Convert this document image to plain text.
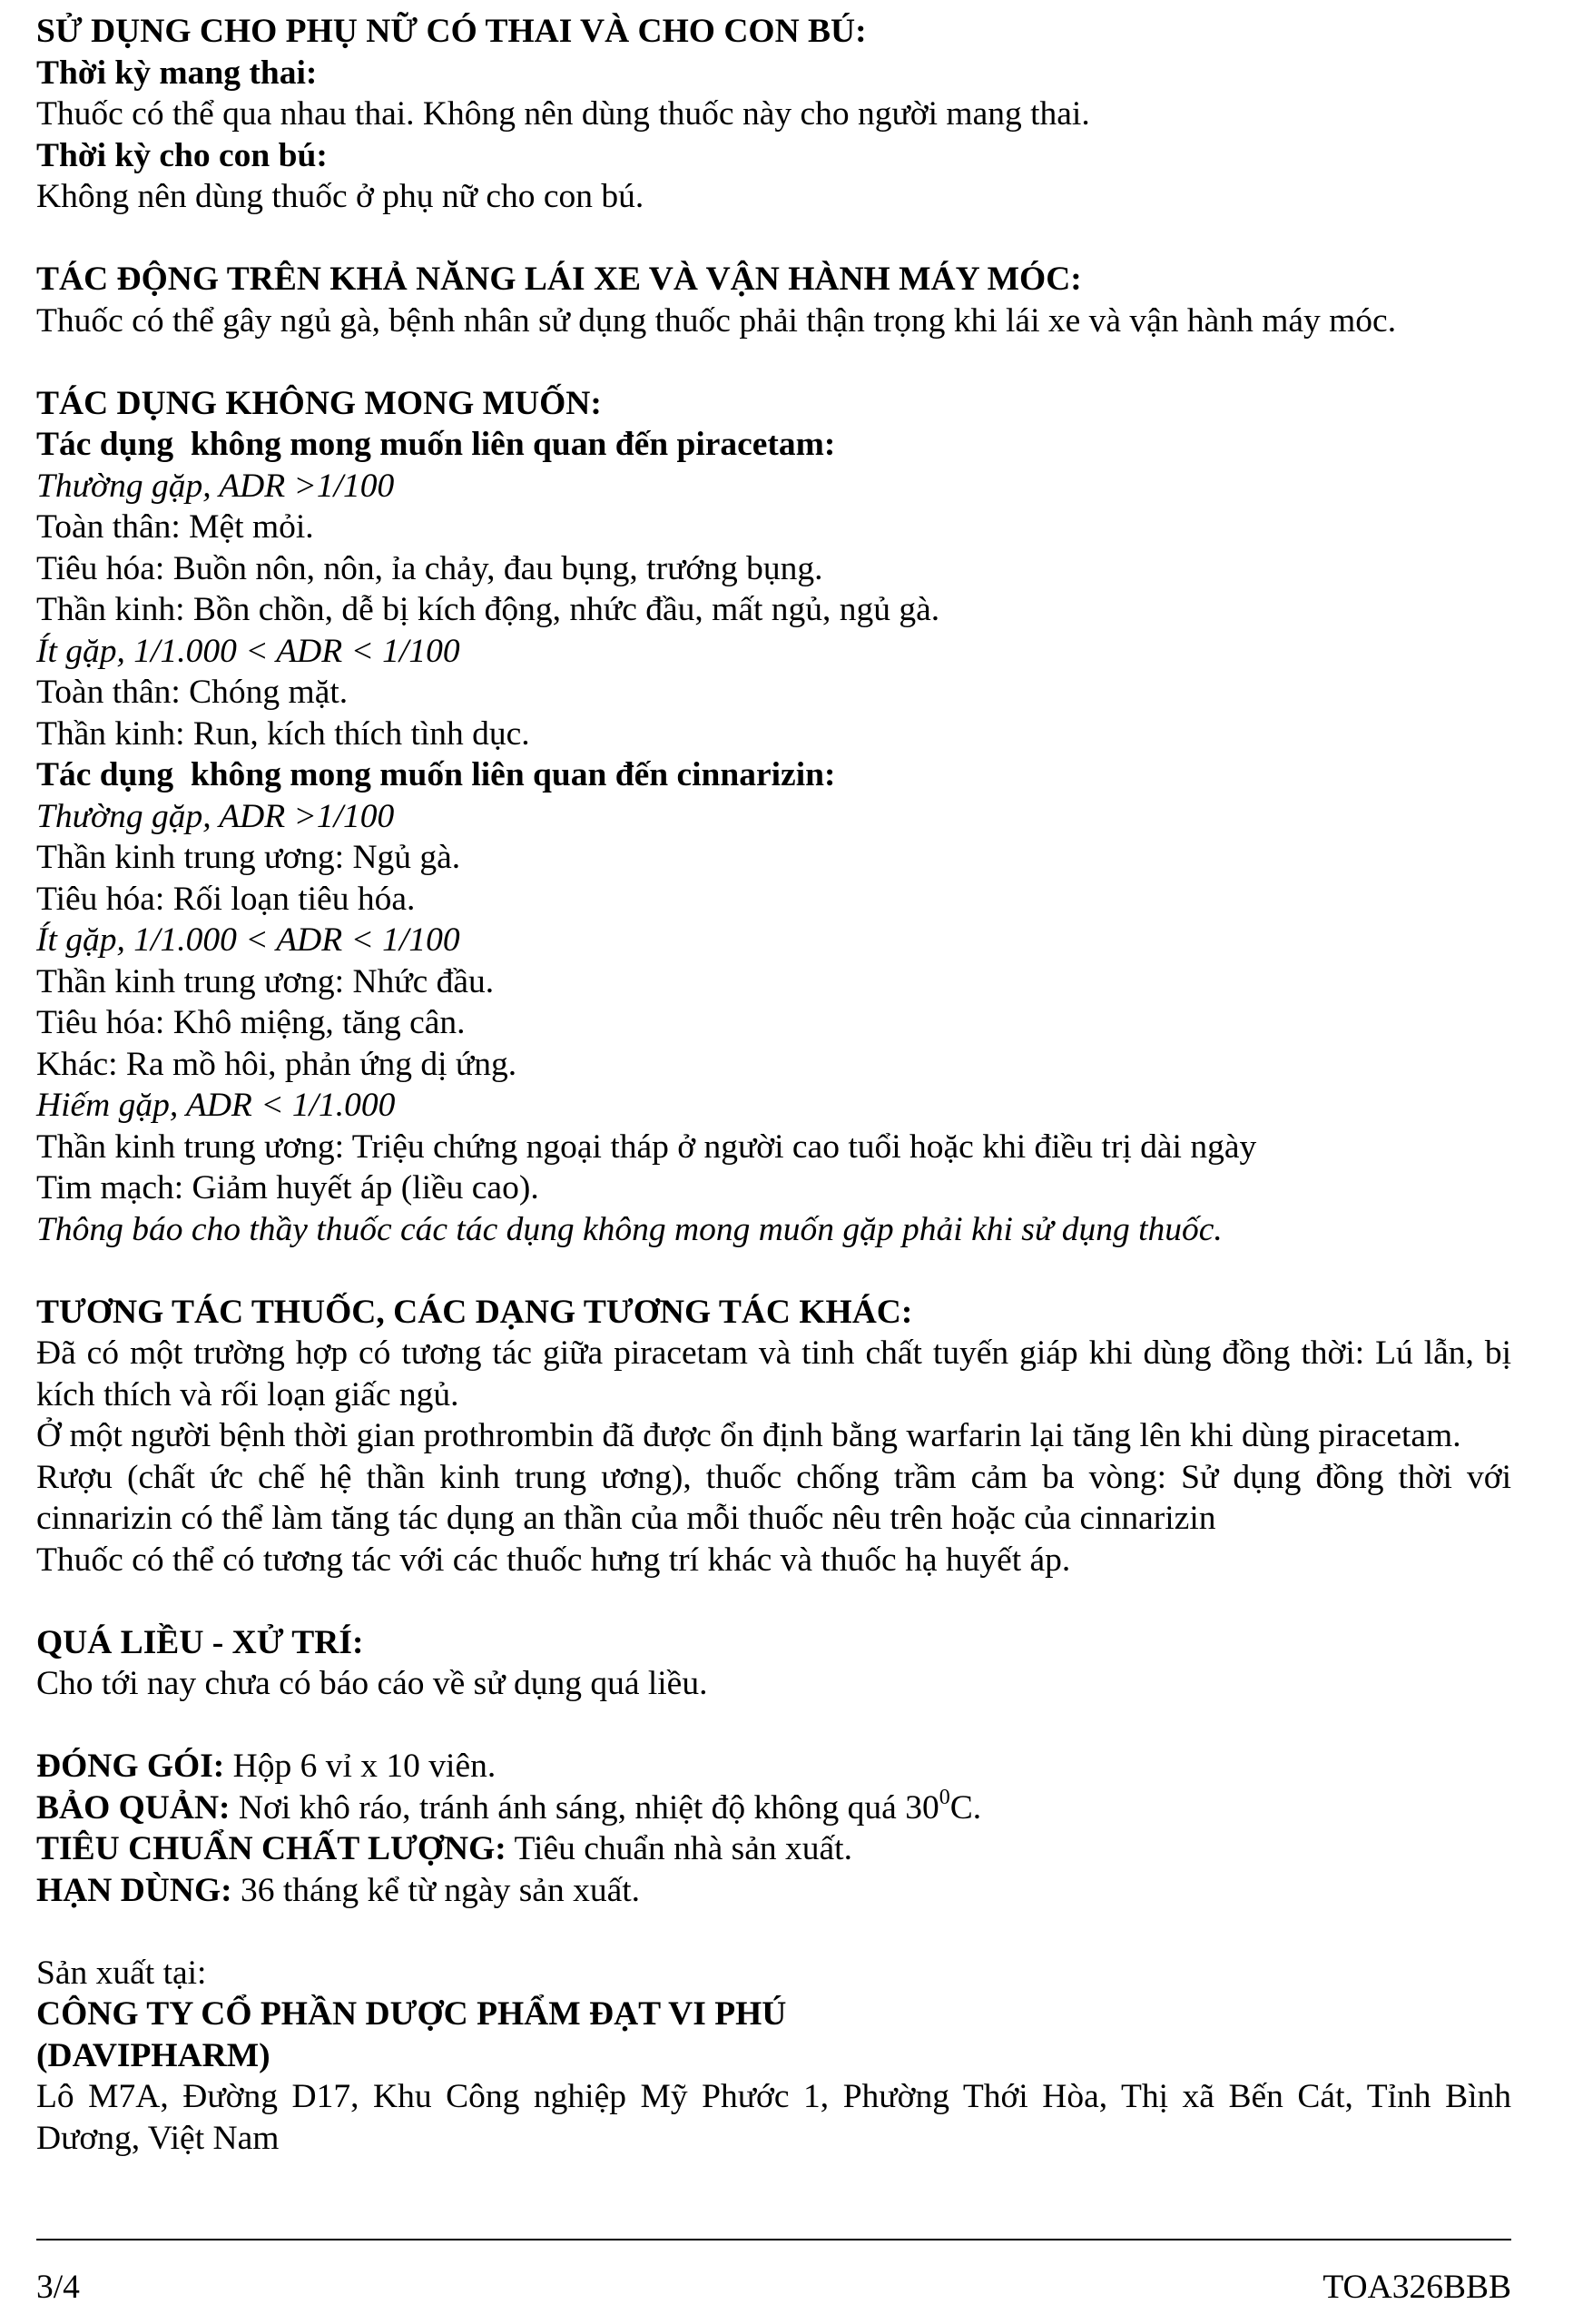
SỬ DỤNG CHO PHỤ NỮ CÓ THAI VÀ CHO CON BÚ:
Thời kỳ mang thai:
Thuốc có thể qua nhau thai. Không nên dùng thuốc này cho người mang thai.
Thời kỳ cho con bú:
Không nên dùng thuốc ở phụ nữ cho con bú.
TÁC ĐỘNG TRÊN KHẢ NĂNG LÁI XE VÀ VẬN HÀNH MÁY MÓC:
Thuốc có thể gây ngủ gà, bệnh nhân sử dụng thuốc phải thận trọng khi lái xe và vận hành máy móc.
TÁC DỤNG KHÔNG MONG MUỐN:
Tác dụng  không mong muốn liên quan đến piracetam:
Thường gặp, ADR >1/100
Toàn thân: Mệt mỏi.
Tiêu hóa: Buồn nôn, nôn, ỉa chảy, đau bụng, trướng bụng.
Thần kinh: Bồn chồn, dễ bị kích động, nhức đầu, mất ngủ, ngủ gà.
Ít gặp, 1/1.000 < ADR < 1/100
Toàn thân: Chóng mặt.
Thần kinh: Run, kích thích tình dục.
Tác dụng  không mong muốn liên quan đến cinnarizin:
Thường gặp, ADR >1/100
Thần kinh trung ương: Ngủ gà.
Tiêu hóa: Rối loạn tiêu hóa.
Ít gặp, 1/1.000 < ADR < 1/100
Thần kinh trung ương: Nhức đầu.
Tiêu hóa: Khô miệng, tăng cân.
Khác: Ra mồ hôi, phản ứng dị ứng.
Hiếm gặp, ADR < 1/1.000
Thần kinh trung ương: Triệu chứng ngoại tháp ở người cao tuổi hoặc khi điều trị dài ngày
Tim mạch: Giảm huyết áp (liều cao).
Thông báo cho thầy thuốc các tác dụng không mong muốn gặp phải khi sử dụng thuốc.
TƯƠNG TÁC THUỐC, CÁC DẠNG TƯƠNG TÁC KHÁC:
Đã có một trường hợp có tương tác giữa piracetam và tinh chất tuyến giáp khi dùng đồng thời: Lú lẫn, bị kích thích và rối loạn giấc ngủ.
Ở một người bệnh thời gian prothrombin đã được ổn định bằng warfarin lại tăng lên khi dùng piracetam.
Rượu (chất ức chế hệ thần kinh trung ương), thuốc chống trầm cảm ba vòng: Sử dụng đồng thời với cinnarizin có thể làm tăng tác dụng an thần của mỗi thuốc nêu trên hoặc của cinnarizin
Thuốc có thể có tương tác với các thuốc hưng trí khác và thuốc hạ huyết áp.
QUÁ LIỀU - XỬ TRÍ:
Cho tới nay chưa có báo cáo về sử dụng quá liều.
ĐÓNG GÓI: Hộp 6 vỉ x 10 viên.
BẢO QUẢN: Nơi khô ráo, tránh ánh sáng, nhiệt độ không quá $30^0C$.
TIÊU CHUẨN CHẤT LƯỢNG: Tiêu chuẩn nhà sản xuất.
HẠN DÙNG: 36 tháng kể từ ngày sản xuất.
Sản xuất tại:
CÔNG TY CỔ PHẦN DƯỢC PHẨM ĐẠT VI PHÚ
(DAVIPHARM)
Lô M7A, Đường D17, Khu Công nghiệp Mỹ Phước 1, Phường Thới Hòa, Thị xã Bến Cát, Tỉnh Bình Dương, Việt Nam
3/4	TOA326BBB
